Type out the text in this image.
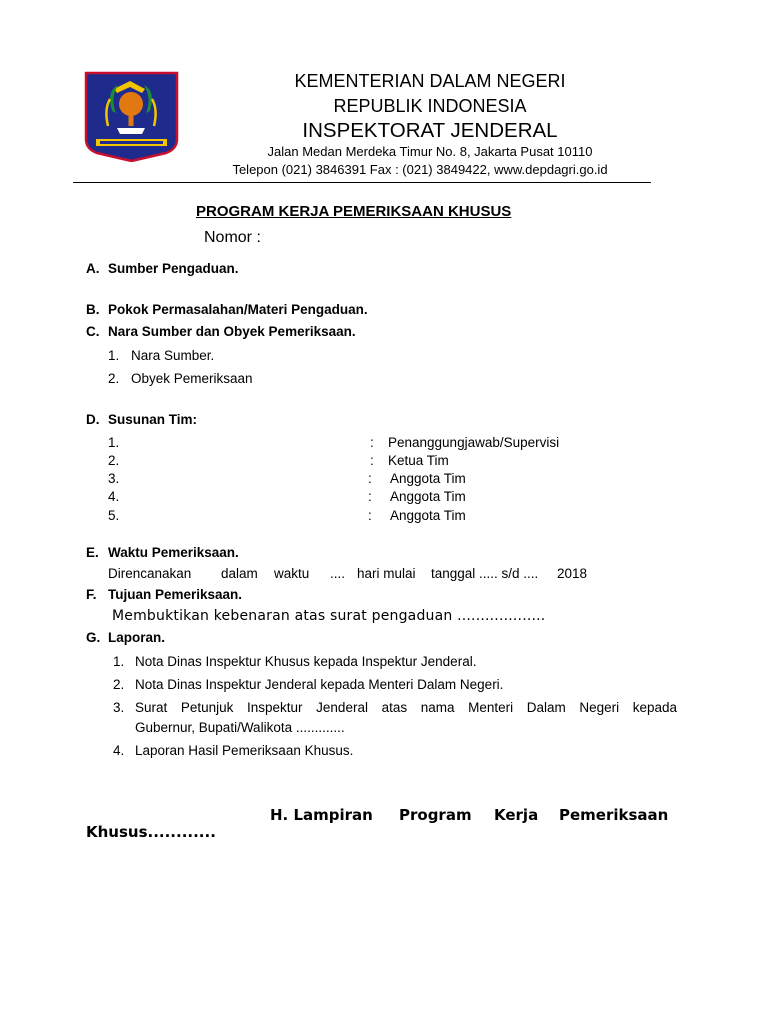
KEMENTERIAN DALAM NEGERI
REPUBLIK INDONESIA
INSPEKTORAT JENDERAL
Jalan Medan Merdeka Timur No. 8, Jakarta Pusat 10110
Telepon (021) 3846391 Fax : (021) 3849422, www.depdagri.go.id
PROGRAM KERJA PEMERIKSAAN KHUSUS
Nomor :
A. Sumber Pengaduan.
B. Pokok Permasalahan/Materi Pengaduan.
C. Nara Sumber dan Obyek Pemeriksaan.
1. Nara Sumber.
2. Obyek Pemeriksaan
D. Susunan Tim:
1.	: Penanggungjawab/Supervisi
2.	: Ketua Tim
3.	: Anggota Tim
4.	: Anggota Tim
5.	: Anggota Tim
E. Waktu Pemeriksaan.
Direncanakan dalam waktu .... hari mulai tanggal ..... s/d .... 2018
F. Tujuan Pemeriksaan.
Membuktikan kebenaran atas surat pengaduan ...................
G. Laporan.
1. Nota Dinas Inspektur Khusus kepada Inspektur Jenderal.
2. Nota Dinas Inspektur Jenderal kepada Menteri Dalam Negeri.
3. Surat Petunjuk Inspektur Jenderal atas nama Menteri Dalam Negeri kepada
Gubernur, Bupati/Walikota .............
4. Laporan Hasil Pemeriksaan Khusus.
H. Lampiran Program Kerja Pemeriksaan
Khusus............
